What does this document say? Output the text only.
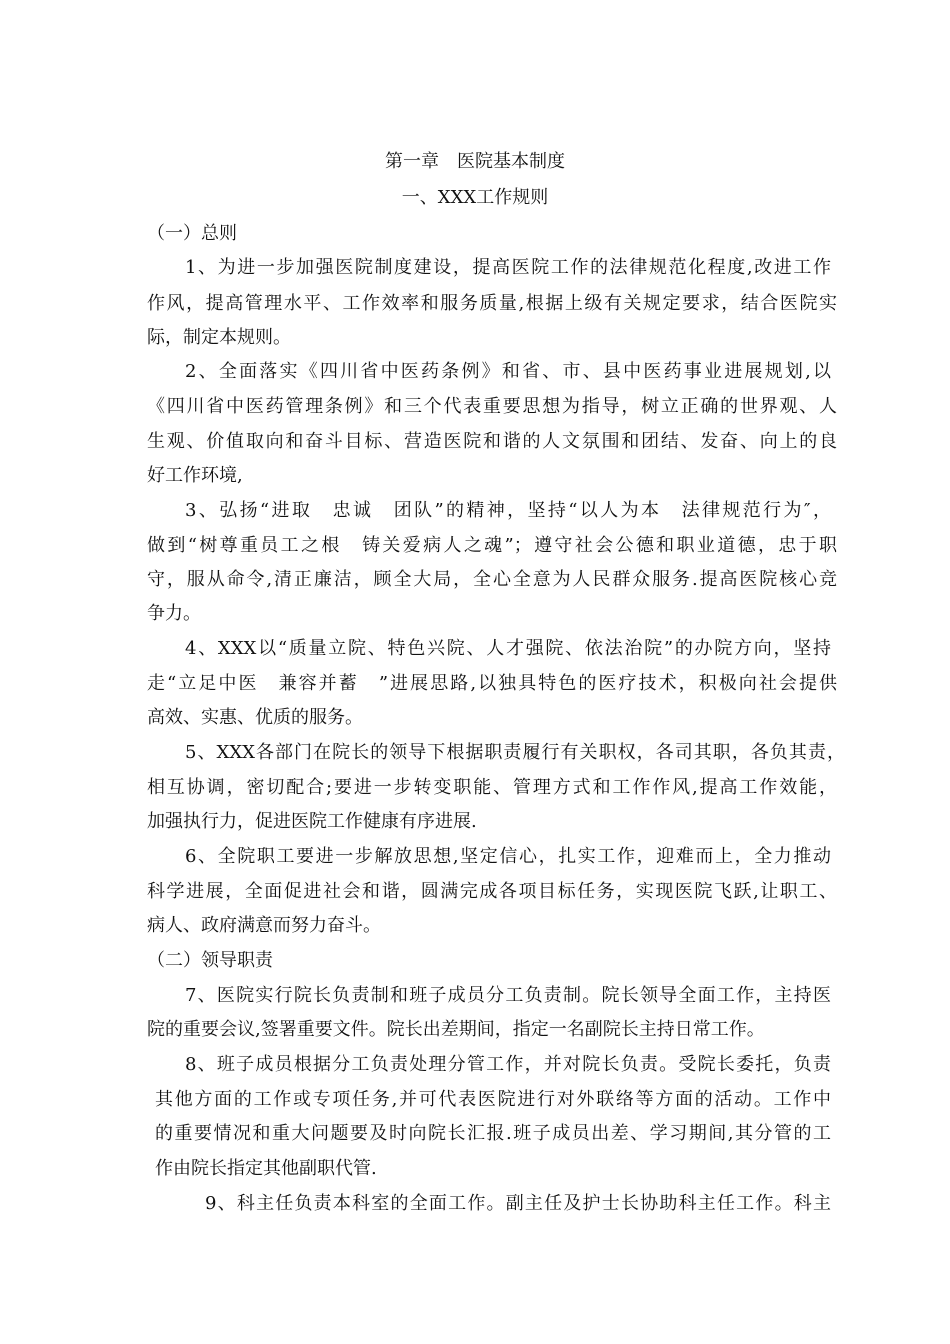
第一章　医院基本制度
一、XXX工作规则
（一）总则
1、为进一步加强医院制度建设，提高医院工作的法律规范化程度,改进工作
作风，提高管理水平、工作效率和服务质量,根据上级有关规定要求，结合医院实
际，制定本规则。
2、全面落实《四川省中医药条例》和省、市、县中医药事业进展规划,以
《四川省中医药管理条例》和三个代表重要思想为指导，树立正确的世界观、人
生观、价值取向和奋斗目标、营造医院和谐的人文氛围和团结、发奋、向上的良
好工作环境,
3、弘扬“进取　忠诚　团队”的精神，坚持“以人为本　法律规范行为″，
做到“树尊重员工之根　铸关爱病人之魂”；遵守社会公德和职业道德，忠于职
守，服从命令,清正廉洁，顾全大局，全心全意为人民群众服务.提高医院核心竞
争力。
4、XXX以“质量立院、特色兴院、人才强院、依法治院”的办院方向，坚持
走“立足中医　兼容并蓄　”进展思路,以独具特色的医疗技术，积极向社会提供
高效、实惠、优质的服务。
5、XXX各部门在院长的领导下根据职责履行有关职权，各司其职，各负其责，
相互协调，密切配合;要进一步转变职能、管理方式和工作作风,提高工作效能，
加强执行力，促进医院工作健康有序进展.
6、全院职工要进一步解放思想,坚定信心，扎实工作，迎难而上，全力推动
科学进展，全面促进社会和谐，圆满完成各项目标任务，实现医院飞跃,让职工、
病人、政府满意而努力奋斗。
（二）领导职责
7、医院实行院长负责制和班子成员分工负责制。院长领导全面工作，主持医
院的重要会议,签署重要文件。院长出差期间，指定一名副院长主持日常工作。
8、班子成员根据分工负责处理分管工作，并对院长负责。受院长委托，负责
其他方面的工作或专项任务,并可代表医院进行对外联络等方面的活动。工作中
的重要情况和重大问题要及时向院长汇报.班子成员出差、学习期间,其分管的工
作由院长指定其他副职代管.
9、科主任负责本科室的全面工作。副主任及护士长协助科主任工作。科主
